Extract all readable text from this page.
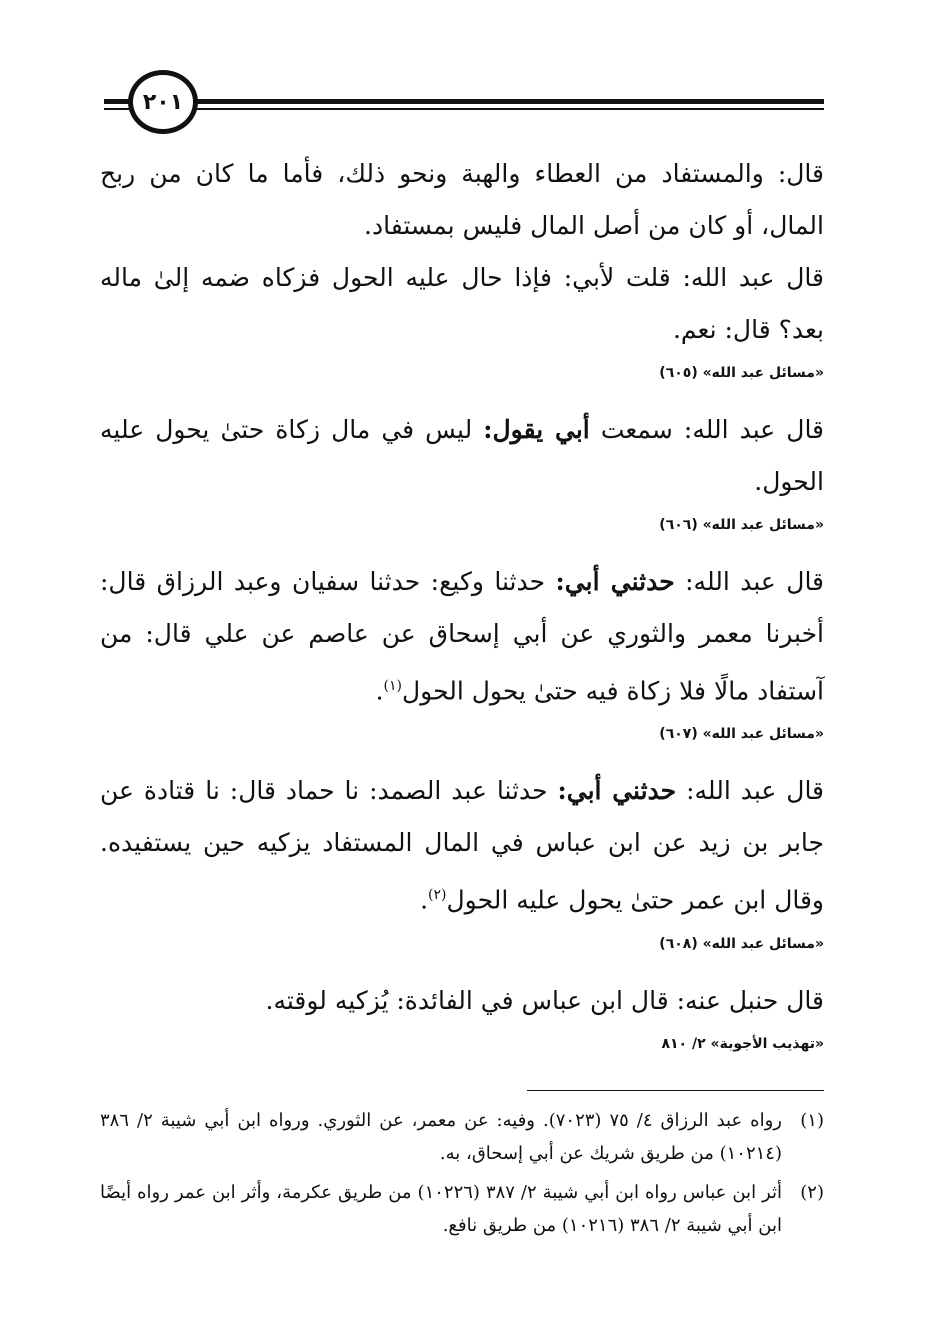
٢٠١

قال: والمستفاد من العطاء والهبة ونحو ذلك، فأما ما كان من ربح المال، أو كان من أصل المال فليس بمستفاد.

قال عبد الله: قلت لأبي: فإذا حال عليه الحول فزكاه ضمه إلىٰ ماله بعد؟ قال: نعم.

«مسائل عبد الله» (٦٠٥)

قال عبد الله: سمعت أبي يقول: ليس في مال زكاة حتىٰ يحول عليه الحول.

«مسائل عبد الله» (٦٠٦)

قال عبد الله: حدثني أبي: حدثنا وكيع: حدثنا سفيان وعبد الرزاق قال: أخبرنا معمر والثوري عن أبي إسحاق عن عاصم عن علي قال: من آستفاد مالًا فلا زكاة فيه حتىٰ يحول الحول$^{(١)}$.

«مسائل عبد الله» (٦٠٧)

قال عبد الله: حدثني أبي: حدثنا عبد الصمد: نا حماد قال: نا قتادة عن جابر بن زيد عن ابن عباس في المال المستفاد يزكيه حين يستفيده. وقال ابن عمر حتىٰ يحول عليه الحول$^{(٢)}$.

«مسائل عبد الله» (٦٠٨)

قال حنبل عنه: قال ابن عباس في الفائدة: يُزكيه لوقته.

«تهذيب الأجوبة» ٢/ ٨١٠
(١)
رواه عبد الرزاق ٤/ ٧٥ (٧٠٢٣). وفيه: عن معمر، عن الثوري. ورواه ابن أبي شيبة ٢/ ٣٨٦ (١٠٢١٤) من طريق شريك عن أبي إسحاق، به.
(٢)
أثر ابن عباس رواه ابن أبي شيبة ٢/ ٣٨٧ (١٠٢٢٦) من طريق عكرمة، وأثر ابن عمر رواه أيضًا ابن أبي شيبة ٢/ ٣٨٦ (١٠٢١٦) من طريق نافع.
